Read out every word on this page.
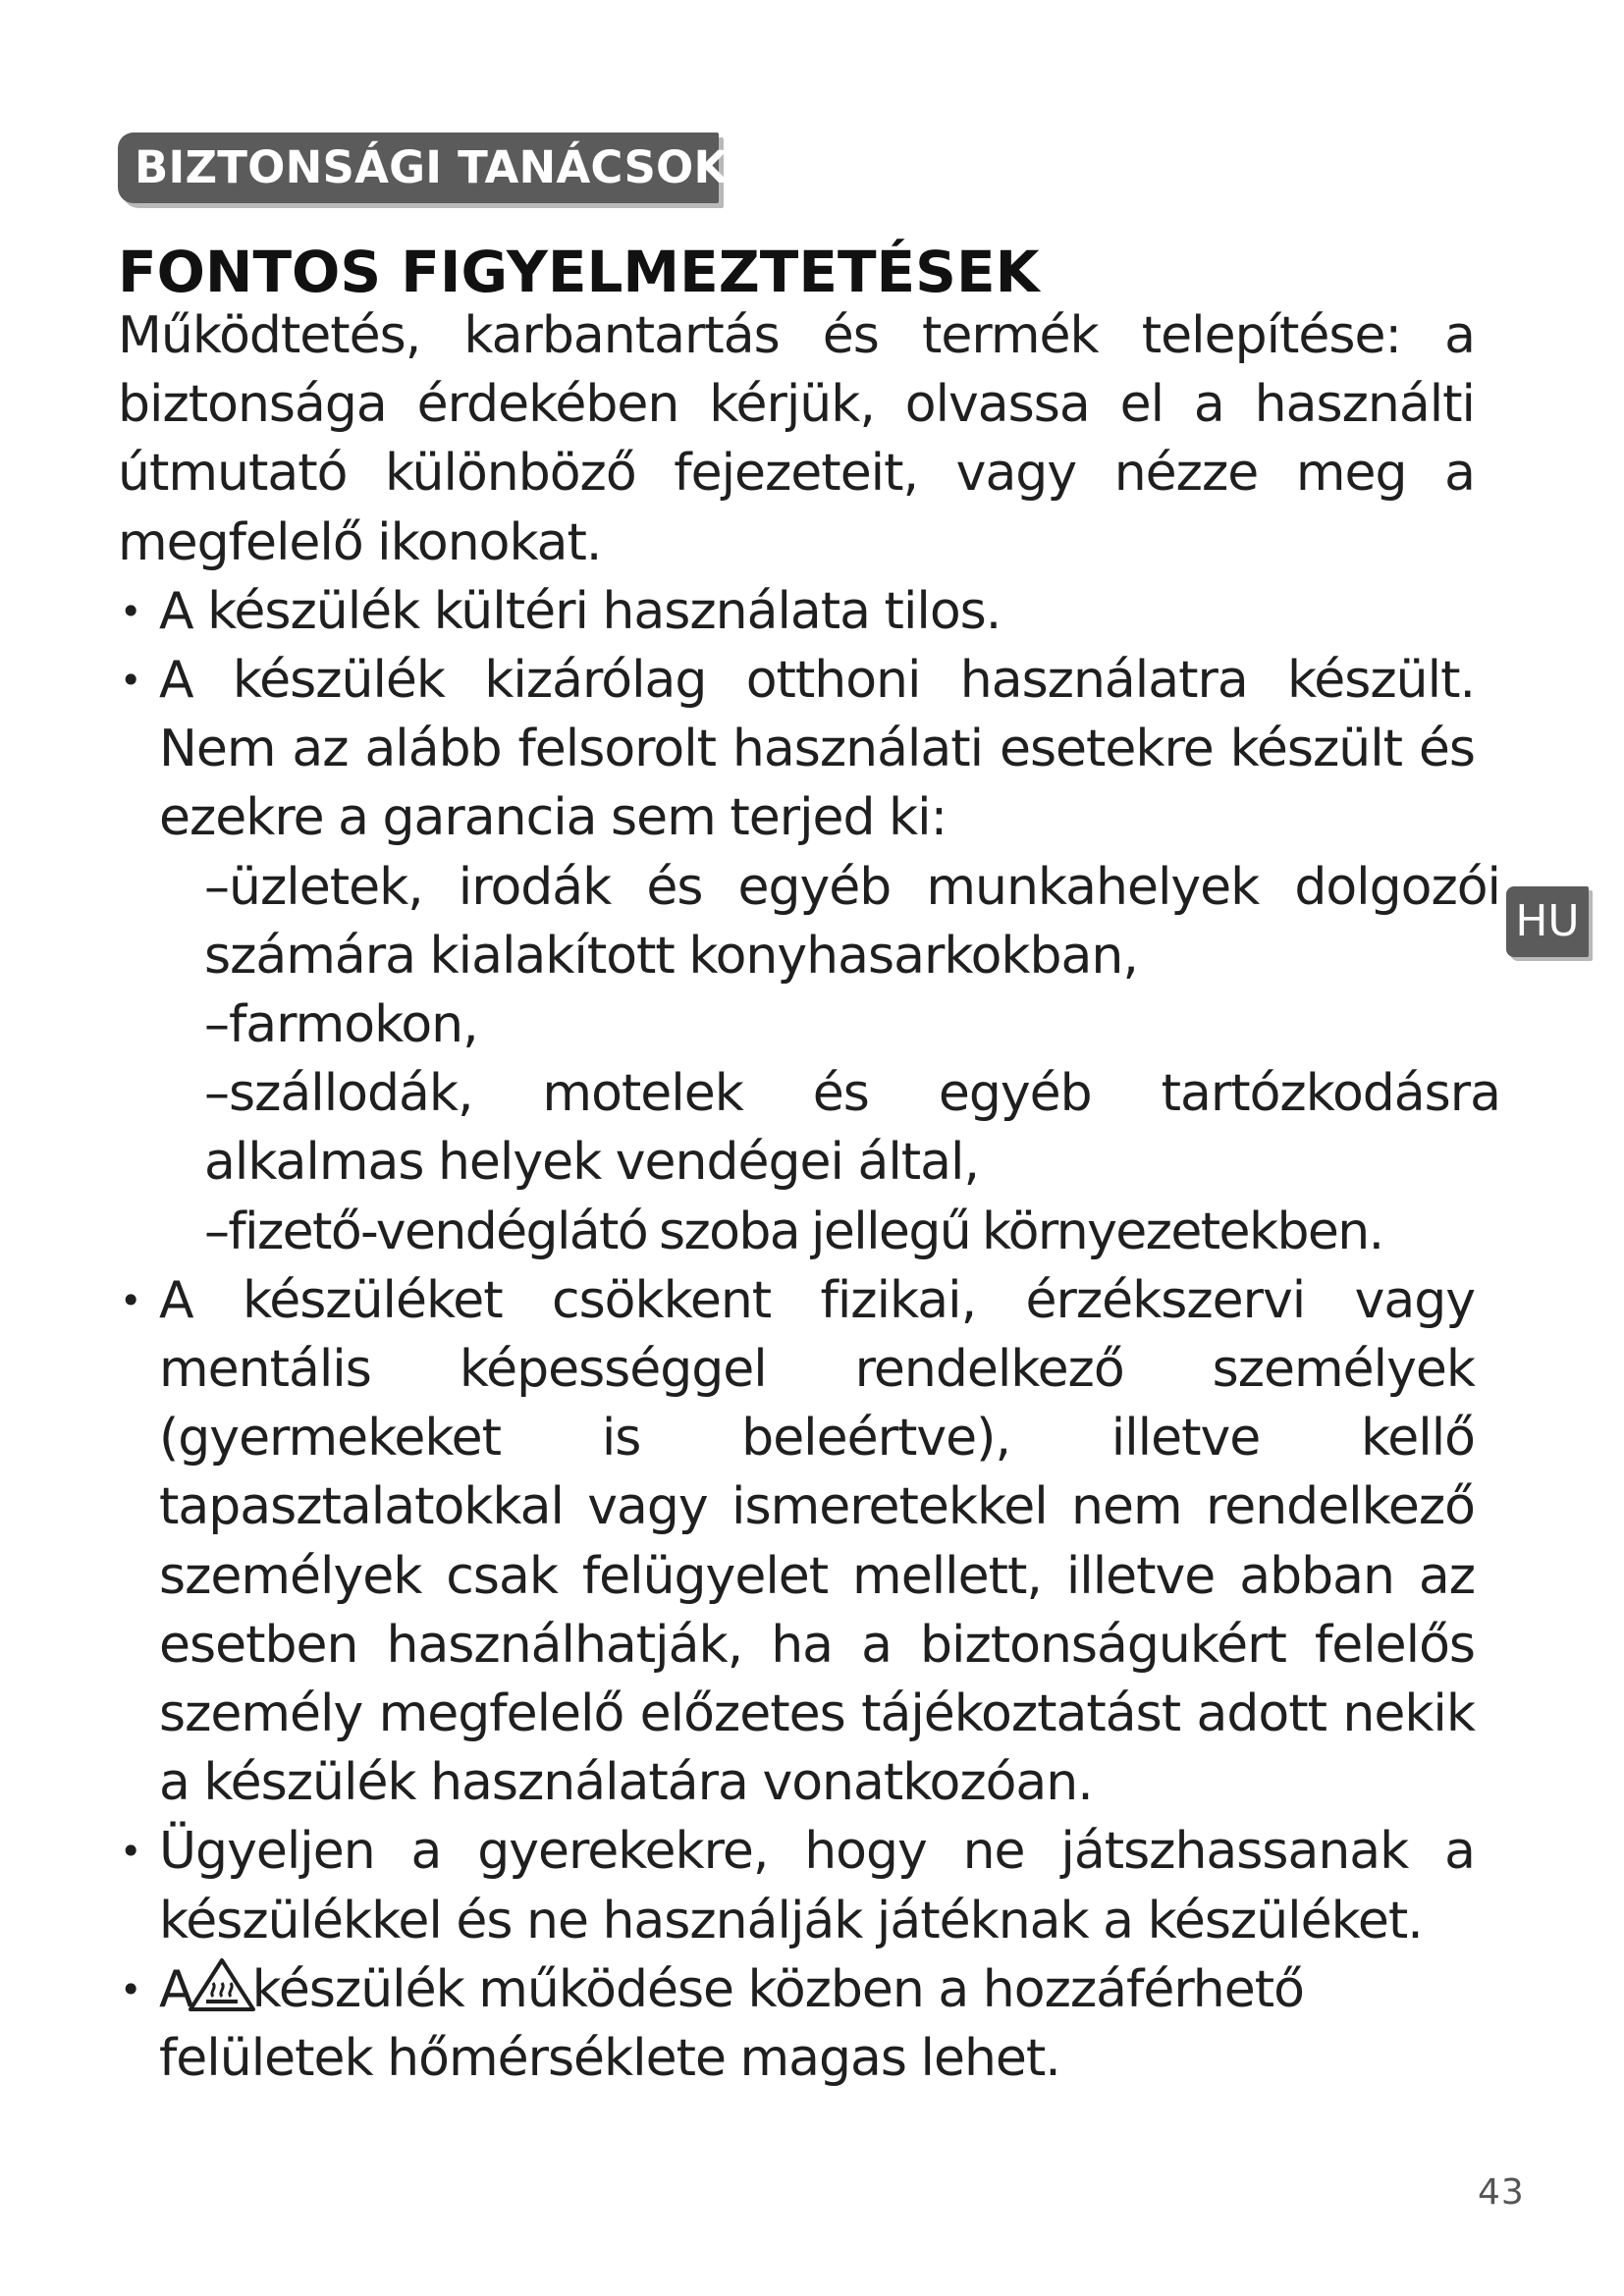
BIZTONSÁGI TANÁCSOK
FONTOS FIGYELMEZTETÉSEK

Működtetés, karbantartás és termék telepítése: a biztonsága érdekében kérjük, olvassa el a használti útmutató különböző fejezeteit, vagy nézze meg a megfelelő ikonokat.

• A készülék kültéri használata tilos.

• A készülék kizárólag otthoni használatra készült. Nem az alább felsorolt használati esetekre készült és ezekre a garancia sem terjed ki:

–üzletek, irodák és egyéb munkahelyek dolgozói számára kialakított konyhasarkokban,

–farmokon,

–szállodák, motelek és egyéb tartózkodásra alkalmas helyek vendégei által,

–fizető-vendéglátó szoba jellegű környezetekben.

• A készüléket csökkent fizikai, érzékszervi vagy mentális képességgel rendelkező személyek (gyermekeket is beleértve), illetve kellő tapasztalatokkal vagy ismeretekkel nem rendelkező személyek csak felügyelet mellett, illetve abban az esetben használhatják, ha a biztonságukért felelős személy megfelelő előzetes tájékoztatást adott nekik a készülék használatára vonatkozóan.

• Ügyeljen a gyerekekre, hogy ne játszhassanak a készülékkel és ne használják játéknak a készüléket.

• A készülék működése közben a hozzáférhető felületek hőmérséklete magas lehet.

HU
43
